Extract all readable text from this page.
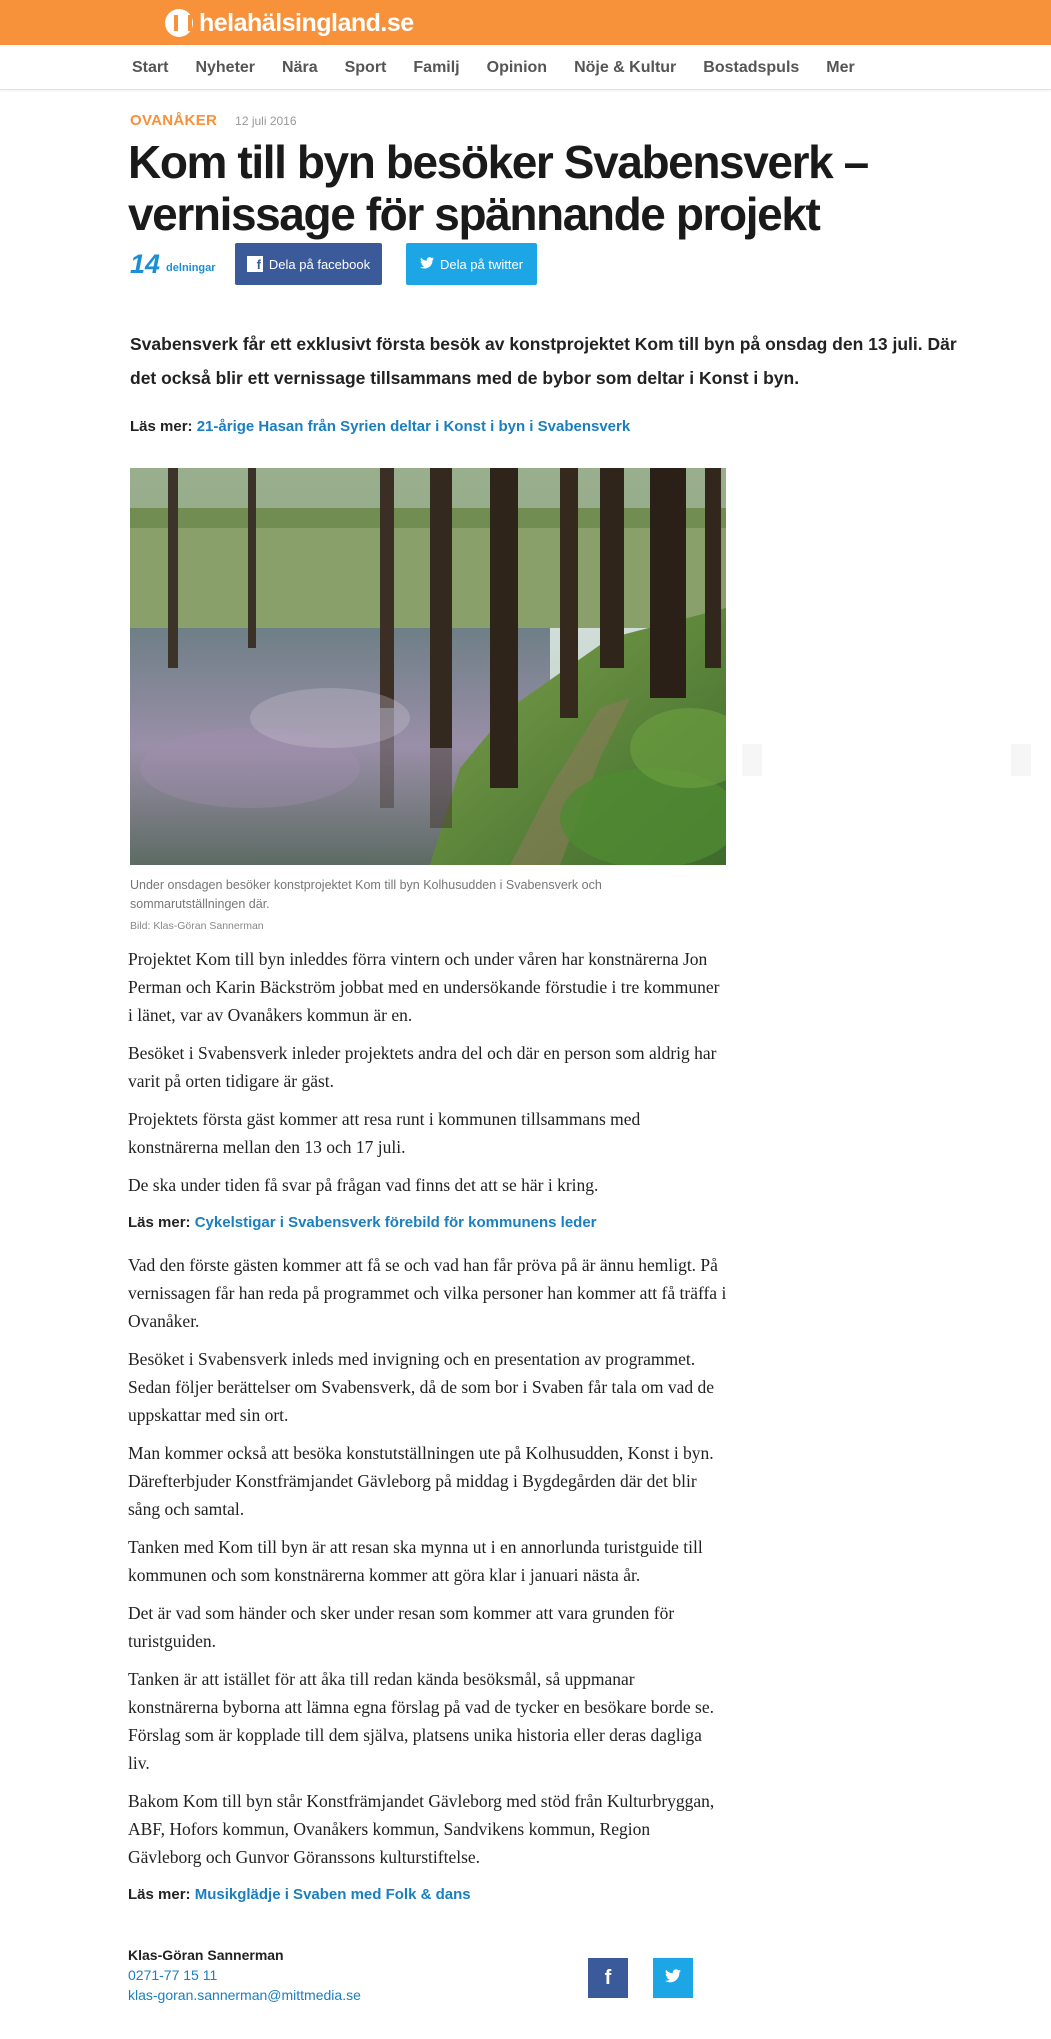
helahälsingland.se
Start Nyheter Nära Sport Familj Opinion Nöje & Kultur Bostadspuls Mer
OVANÅKER 12 juli 2016
Kom till byn besöker Svabensverk – vernissage för spännande projekt
14 delningar	f Dela på facebook	Dela på twitter

Svabensverk får ett exklusivt första besök av konstprojektet Kom till byn på onsdag den 13 juli. Där det också blir ett vernissage tillsammans med de bybor som deltar i Konst i byn.

Läs mer: 21-årige Hasan från Syrien deltar i Konst i byn i Svabensverk
Under onsdagen besöker konstprojektet Kom till byn Kolhusudden i Svabensverk och sommarutställningen där.
Bild: Klas-Göran Sannerman

Projektet Kom till byn inleddes förra vintern och under våren har konstnärerna Jon Perman och Karin Bäckström jobbat med en undersökande förstudie i tre kommuner i länet, var av Ovanåkers kommun är en.

Besöket i Svabensverk inleder projektets andra del och där en person som aldrig har varit på orten tidigare är gäst.

Projektets första gäst kommer att resa runt i kommunen tillsammans med konstnärerna mellan den 13 och 17 juli.

De ska under tiden få svar på frågan vad finns det att se här i kring.

Läs mer: Cykelstigar i Svabensverk förebild för kommunens leder

Vad den förste gästen kommer att få se och vad han får pröva på är ännu hemligt. På vernissagen får han reda på programmet och vilka personer han kommer att få träffa i Ovanåker.

Besöket i Svabensverk inleds med invigning och en presentation av programmet. Sedan följer berättelser om Svabensverk, då de som bor i Svaben får tala om vad de uppskattar med sin ort.

Man kommer också att besöka konstutställningen ute på Kolhusudden, Konst i byn. Därefterbjuder Konstfrämjandet Gävleborg på middag i Bygdegården där det blir sång och samtal.

Tanken med Kom till byn är att resan ska mynna ut i en annorlunda turistguide till kommunen och som konstnärerna kommer att göra klar i januari nästa år.

Det är vad som händer och sker under resan som kommer att vara grunden för turistguiden.

Tanken är att istället för att åka till redan kända besöksmål, så uppmanar konstnärerna byborna att lämna egna förslag på vad de tycker en besökare borde se. Förslag som är kopplade till dem själva, platsens unika historia eller deras dagliga liv.

Bakom Kom till byn står Konstfrämjandet Gävleborg med stöd från Kulturbryggan, ABF, Hofors kommun, Ovanåkers kommun, Sandvikens kommun, Region Gävleborg och Gunvor Göranssons kulturstiftelse.

Läs mer: Musikglädje i Svaben med Folk & dans
Klas-Göran Sannerman
0271-77 15 11
klas-goran.sannerman@mittmedia.se
f
